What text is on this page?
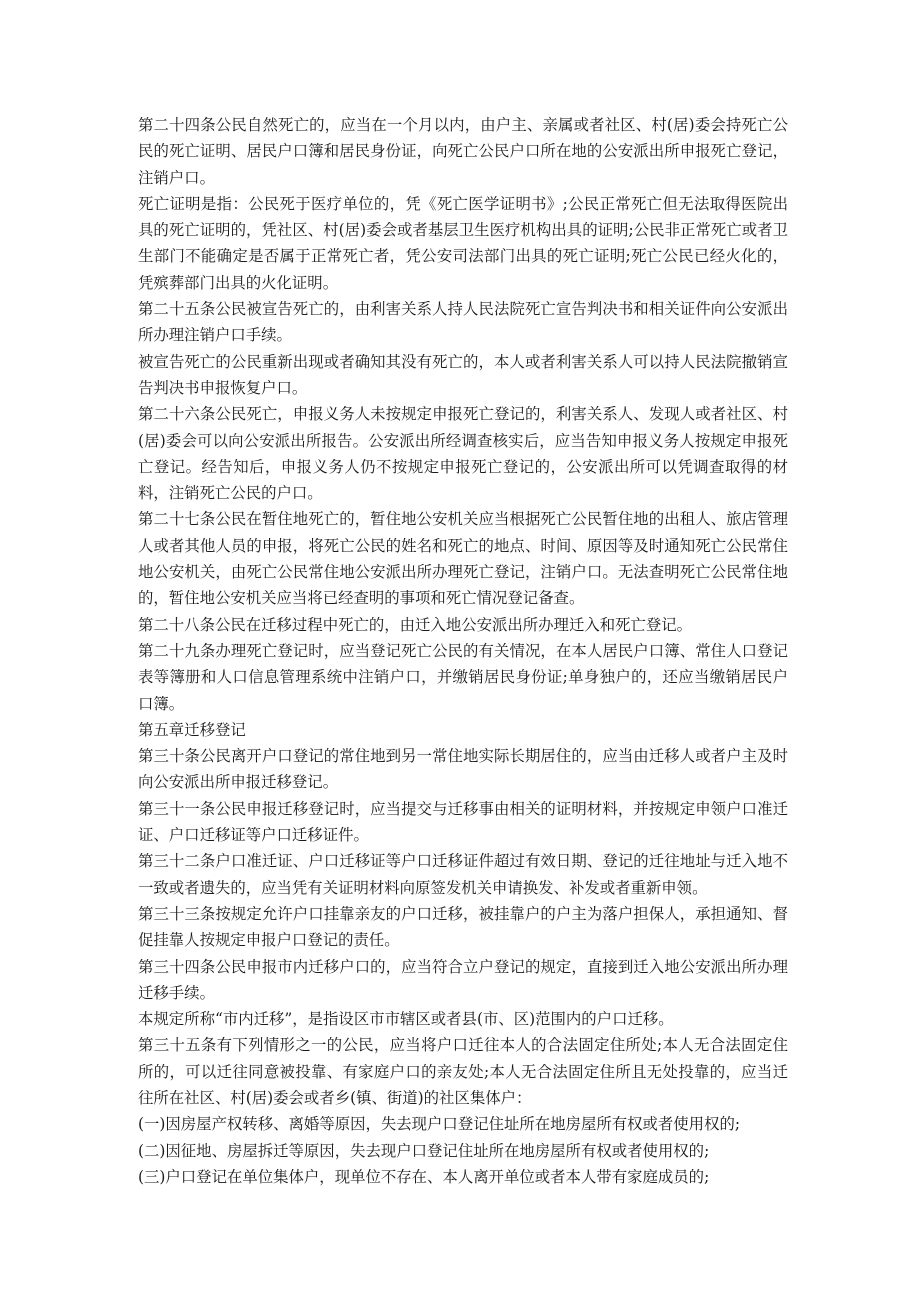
第二十四条公民自然死亡的，应当在一个月以内，由户主、亲属或者社区、村(居)委会持死亡公民的死亡证明、居民户口簿和居民身份证，向死亡公民户口所在地的公安派出所申报死亡登记，注销户口。

死亡证明是指：公民死于医疗单位的，凭《死亡医学证明书》;公民正常死亡但无法取得医院出具的死亡证明的，凭社区、村(居)委会或者基层卫生医疗机构出具的证明;公民非正常死亡或者卫生部门不能确定是否属于正常死亡者，凭公安司法部门出具的死亡证明;死亡公民已经火化的，凭殡葬部门出具的火化证明。

第二十五条公民被宣告死亡的，由利害关系人持人民法院死亡宣告判决书和相关证件向公安派出所办理注销户口手续。

被宣告死亡的公民重新出现或者确知其没有死亡的，本人或者利害关系人可以持人民法院撤销宣告判决书申报恢复户口。

第二十六条公民死亡，申报义务人未按规定申报死亡登记的，利害关系人、发现人或者社区、村(居)委会可以向公安派出所报告。公安派出所经调查核实后，应当告知申报义务人按规定申报死亡登记。经告知后，申报义务人仍不按规定申报死亡登记的，公安派出所可以凭调查取得的材料，注销死亡公民的户口。

第二十七条公民在暂住地死亡的，暂住地公安机关应当根据死亡公民暂住地的出租人、旅店管理人或者其他人员的申报，将死亡公民的姓名和死亡的地点、时间、原因等及时通知死亡公民常住地公安机关，由死亡公民常住地公安派出所办理死亡登记，注销户口。无法查明死亡公民常住地的，暂住地公安机关应当将已经查明的事项和死亡情况登记备查。

第二十八条公民在迁移过程中死亡的，由迁入地公安派出所办理迁入和死亡登记。

第二十九条办理死亡登记时，应当登记死亡公民的有关情况，在本人居民户口簿、常住人口登记表等簿册和人口信息管理系统中注销户口，并缴销居民身份证;单身独户的，还应当缴销居民户口簿。

第五章迁移登记

第三十条公民离开户口登记的常住地到另一常住地实际长期居住的，应当由迁移人或者户主及时向公安派出所申报迁移登记。

第三十一条公民申报迁移登记时，应当提交与迁移事由相关的证明材料，并按规定申领户口准迁证、户口迁移证等户口迁移证件。

第三十二条户口准迁证、户口迁移证等户口迁移证件超过有效日期、登记的迁往地址与迁入地不一致或者遗失的，应当凭有关证明材料向原签发机关申请换发、补发或者重新申领。

第三十三条按规定允许户口挂靠亲友的户口迁移，被挂靠户的户主为落户担保人，承担通知、督促挂靠人按规定申报户口登记的责任。

第三十四条公民申报市内迁移户口的，应当符合立户登记的规定，直接到迁入地公安派出所办理迁移手续。

本规定所称“市内迁移”，是指设区市市辖区或者县(市、区)范围内的户口迁移。

第三十五条有下列情形之一的公民，应当将户口迁往本人的合法固定住所处;本人无合法固定住所的，可以迁往同意被投靠、有家庭户口的亲友处;本人无合法固定住所且无处投靠的，应当迁往所在社区、村(居)委会或者乡(镇、街道)的社区集体户：

(一)因房屋产权转移、离婚等原因，失去现户口登记住址所在地房屋所有权或者使用权的;

(二)因征地、房屋拆迁等原因，失去现户口登记住址所在地房屋所有权或者使用权的;

(三)户口登记在单位集体户，现单位不存在、本人离开单位或者本人带有家庭成员的;
